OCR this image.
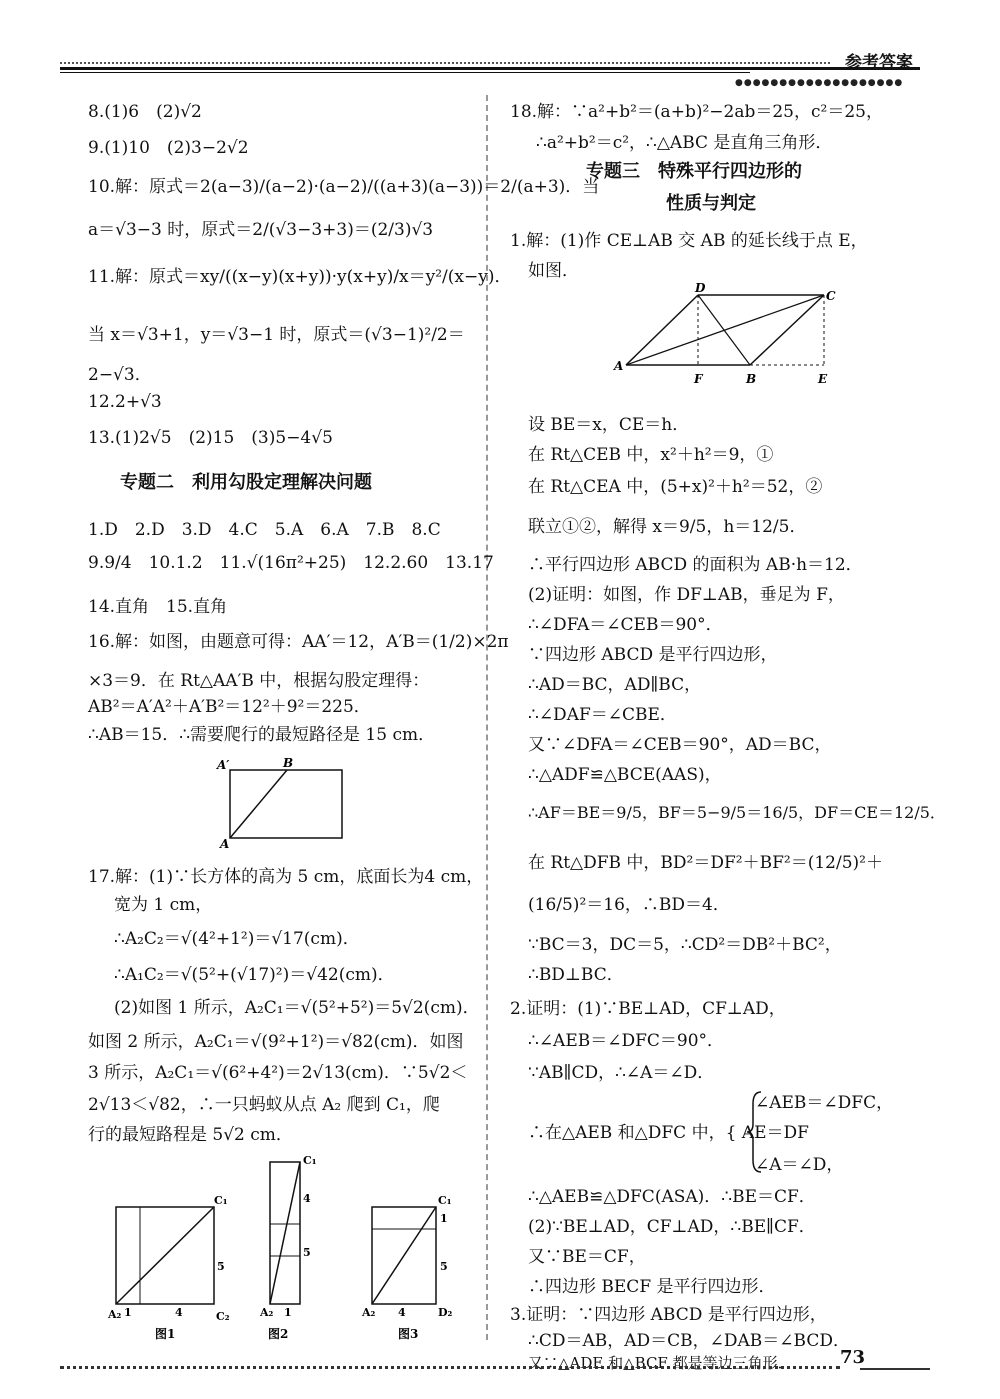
参考答案
●●●●●●●●●●●●●●●●●●●
8.(1)6　(2)√2
9.(1)10　(2)3−2√2
10.解：原式＝2(a−3)/(a−2)·(a−2)/((a+3)(a−3))＝2/(a+3)．当
a＝√3−3 时，原式＝2/(√3−3+3)＝(2/3)√3
11.解：原式＝xy/((x−y)(x+y))·y(x+y)/x＝y²/(x−y)．
当 x＝√3+1，y＝√3−1 时，原式＝(√3−1)²/2＝
2−√3．
12.2+√3
13.(1)2√5　(2)15　(3)5−4√5
专题二　利用勾股定理解决问题
1.D　2.D　3.D　4.C　5.A　6.A　7.B　8.C
9.9/4　10.1.2　11.√(16π²+25)　12.2.60　13.17
14.直角　15.直角
16.解：如图，由题意可得：AA′＝12，A′B＝(1/2)×2π
×3＝9．在 Rt△AA′B 中，根据勾股定理得：
AB²＝A′A²＋A′B²＝12²＋9²＝225．
∴AB＝15．∴需要爬行的最短路径是 15 cm．
17.解：(1)∵长方体的高为 5 cm，底面长为4 cm，
宽为 1 cm，
∴A₂C₂＝√(4²+1²)＝√17(cm)．
∴A₁C₂＝√(5²+(√17)²)＝√42(cm)．
(2)如图 1 所示，A₂C₁＝√(5²+5²)＝5√2(cm)．
如图 2 所示，A₂C₁＝√(9²+1²)＝√82(cm)．如图
3 所示，A₂C₁＝√(6²+4²)＝2√13(cm)．∵5√2＜
2√13＜√82，∴一只蚂蚁从点 A₂ 爬到 C₁，爬
行的最短路程是 5√2 cm．
A′	B
A
C₁
C₂
A₂ 1	4
5
图1
C₁
4
5
A₂ 1
图2
C₁
1
5
A₂ 4	D₂
图3
18.解：∵a²+b²＝(a+b)²−2ab＝25，c²＝25，
∴a²+b²＝c²，∴△ABC 是直角三角形．
专题三　特殊平行四边形的
性质与判定
1.解：(1)作 CE⊥AB 交 AB 的延长线于点 E，
如图．
设 BE＝x，CE＝h．
在 Rt△CEB 中，x²＋h²＝9，①
在 Rt△CEA 中，(5+x)²＋h²＝52，②
联立①②，解得 x＝9/5，h＝12/5．
∴平行四边形 ABCD 的面积为 AB·h＝12．
(2)证明：如图，作 DF⊥AB，垂足为 F，
∴∠DFA＝∠CEB＝90°．
∵四边形 ABCD 是平行四边形，
∴AD＝BC，AD∥BC，
∴∠DAF＝∠CBE．
又∵∠DFA＝∠CEB＝90°，AD＝BC，
∴△ADF≌△BCE(AAS)，
∴AF＝BE＝9/5，BF＝5−9/5＝16/5，DF＝CE＝12/5．
在 Rt△DFB 中，BD²＝DF²＋BF²＝(12/5)²＋
(16/5)²＝16，∴BD＝4．
∵BC＝3，DC＝5，∴CD²＝DB²＋BC²，
∴BD⊥BC．
2.证明：(1)∵BE⊥AD，CF⊥AD，
∴∠AEB＝∠DFC＝90°．
∵AB∥CD，∴∠A＝∠D．
∠AEB＝∠DFC，
∴在△AEB 和△DFC 中，{ AE＝DF
∠A＝∠D，
∴△AEB≌△DFC(ASA)．∴BE＝CF．
(2)∵BE⊥AD，CF⊥AD，∴BE∥CF．
又∵BE＝CF，
∴四边形 BECF 是平行四边形．
3.证明：∵四边形 ABCD 是平行四边形，
∴CD＝AB，AD＝CB，∠DAB＝∠BCD．
又∵△ADE 和△BCF 都是等边三角形．
A
D
C
F	B	E
73
